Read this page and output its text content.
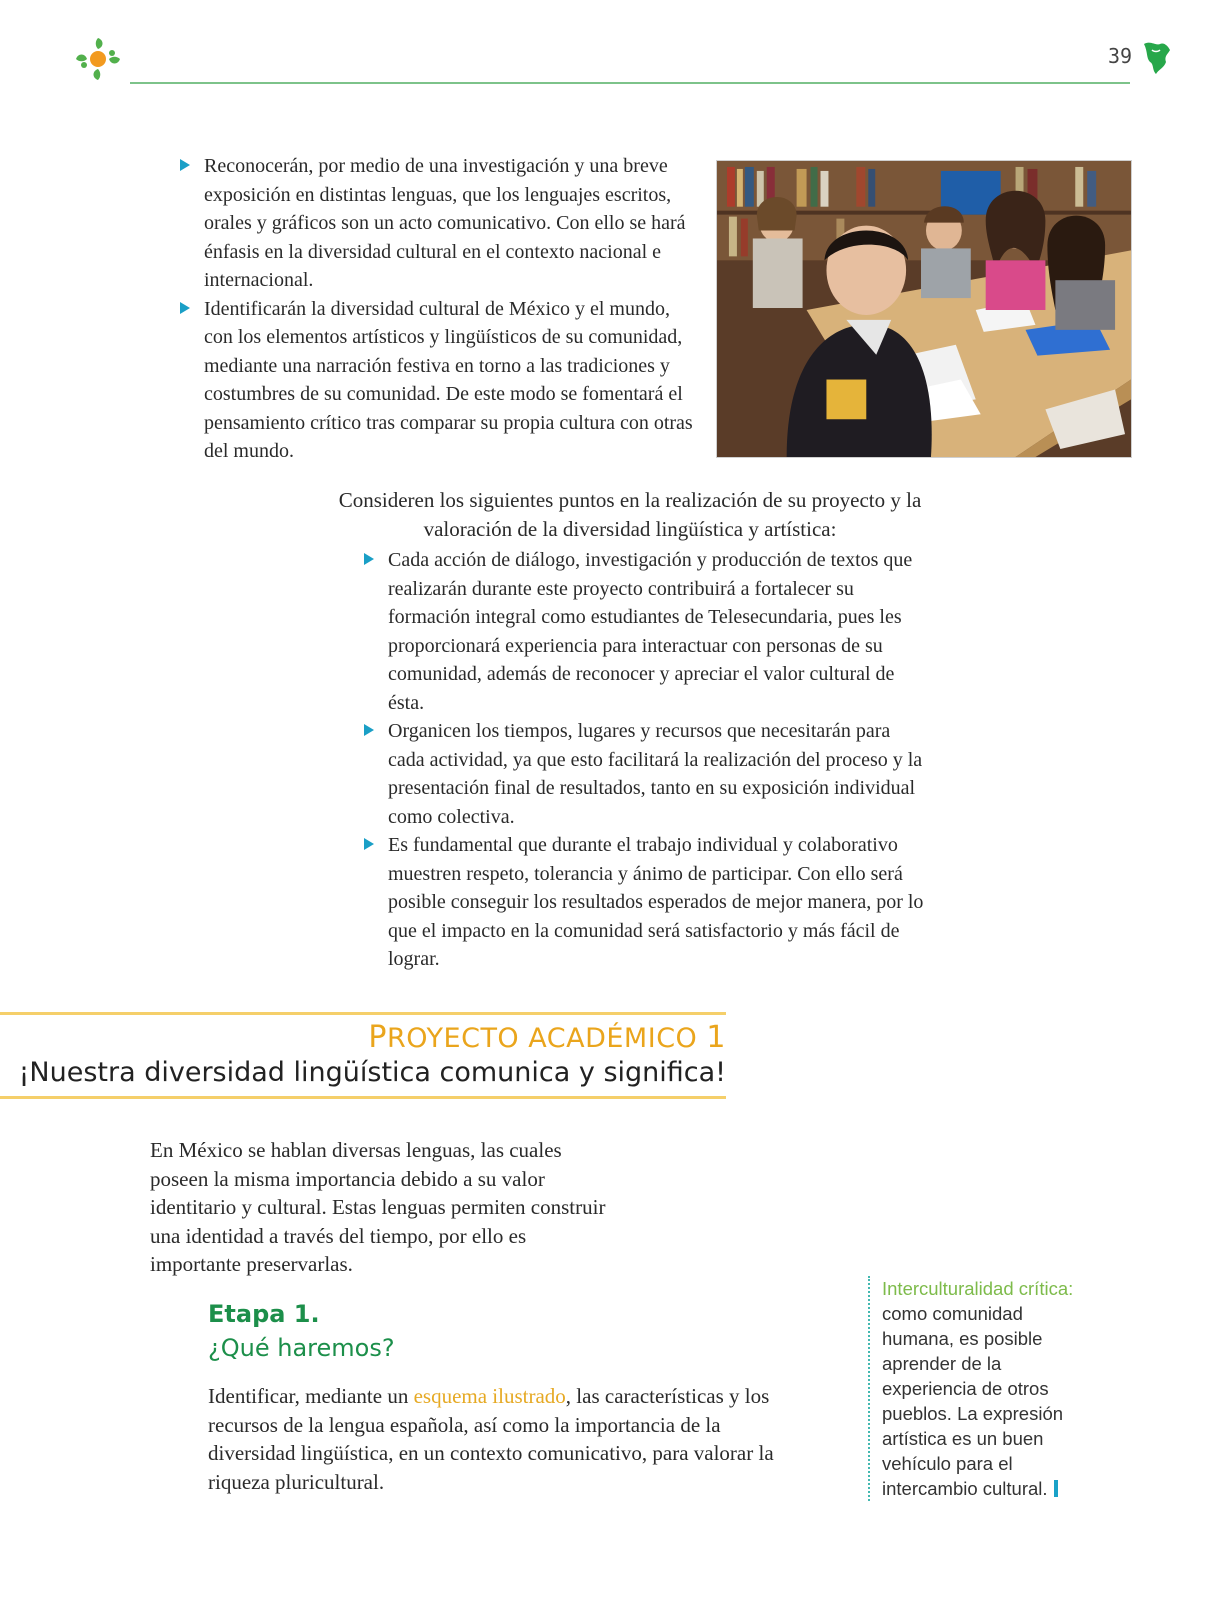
39
Reconocerán, por medio de una investigación y una breve exposición en distintas lenguas, que los lenguajes escritos, orales y gráficos son un acto comunicativo. Con ello se hará énfasis en la diversidad cultural en el contexto nacional e internacional.
Identificarán la diversidad cultural de México y el mundo, con los elementos artísticos y lingüísticos de su comunidad, mediante una narración festiva en torno a las tradiciones y costumbres de su comunidad. De este modo se fomentará el pensamiento crítico tras comparar su propia cultura con otras del mundo.

Consideren los siguientes puntos en la realización de su proyecto y la valoración de la diversidad lingüística y artística:

Cada acción de diálogo, investigación y producción de textos que realizarán durante este proyecto contribuirá a fortalecer su formación integral como estudiantes de Telesecundaria, pues les proporcionará experiencia para interactuar con personas de su comunidad, además de reconocer y apreciar el valor cultural de ésta.
Organicen los tiempos, lugares y recursos que necesitarán para cada actividad, ya que esto facilitará la realización del proceso y la presentación final de resultados, tanto en su exposición individual como colectiva.
Es fundamental que durante el trabajo individual y colaborativo muestren respeto, tolerancia y ánimo de participar. Con ello será posible conseguir los resultados esperados de mejor manera, por lo que el impacto en la comunidad será satisfactorio y más fácil de lograr.
PROYECTO ACADÉMICO 1
¡Nuestra diversidad lingüística comunica y significa!

En México se hablan diversas lenguas, las cuales poseen la misma importancia debido a su valor identitario y cultural. Estas lenguas permiten construir una identidad a través del tiempo, por ello es importante preservarlas.

Etapa 1.
¿Qué haremos?

Identificar, mediante un esquema ilustrado, las características y los recursos de la lengua española, así como la importancia de la diversidad lingüística, en un contexto comunicativo, para valorar la riqueza pluricultural.

Interculturalidad crítica: como comunidad humana, es posible aprender de la experiencia de otros pueblos. La expresión artística es un buen vehículo para el intercambio cultural.
